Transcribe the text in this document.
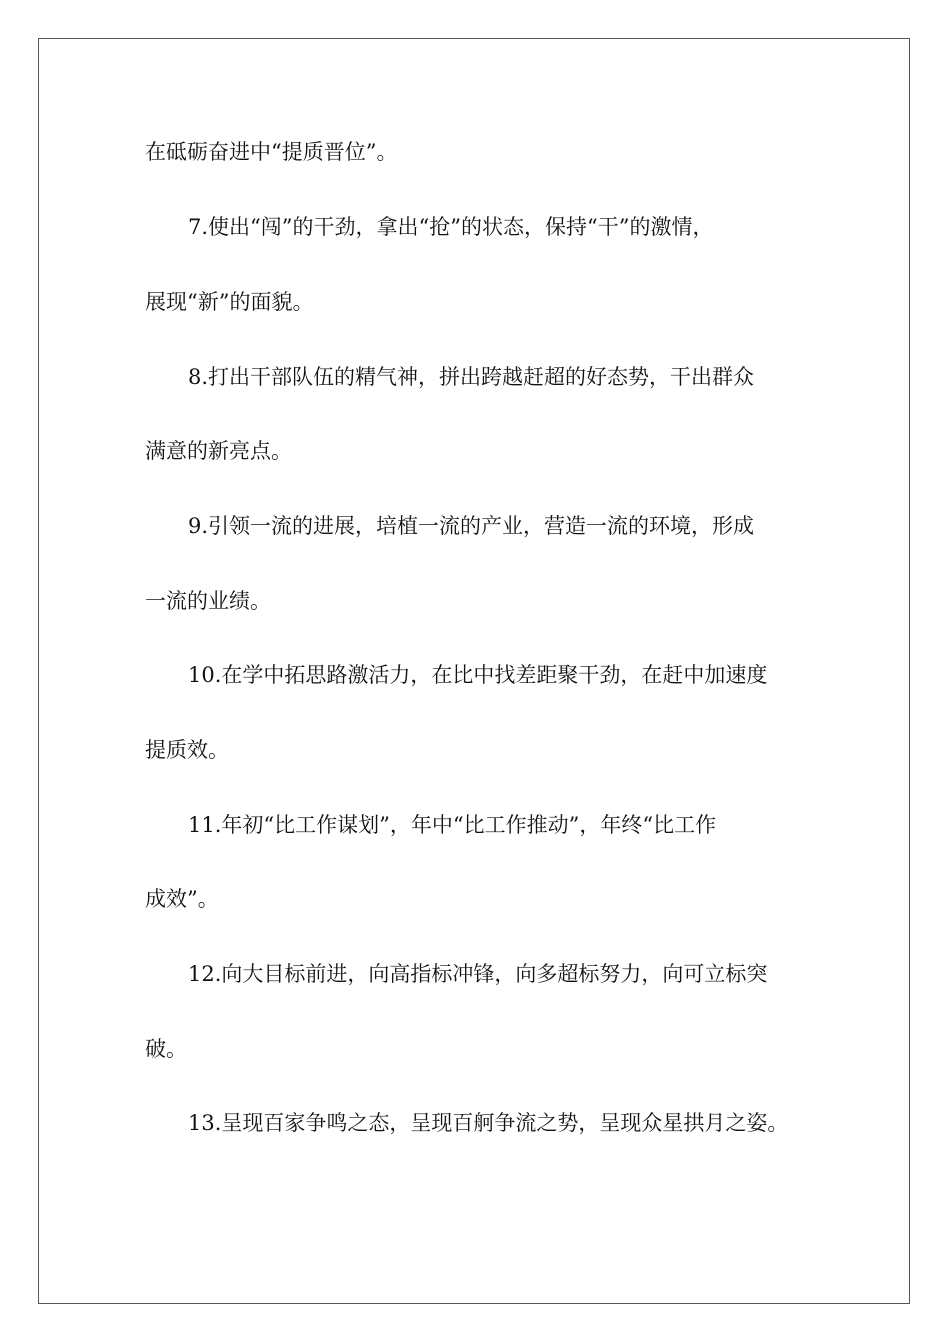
在砥砺奋进中“提质晋位”。

7.使出“闯”的干劲，拿出“抢”的状态，保持“干”的激情，

展现“新”的面貌。

8.打出干部队伍的精气神，拼出跨越赶超的好态势，干出群众

满意的新亮点。

9.引领一流的进展，培植一流的产业，营造一流的环境，形成

一流的业绩。

10.在学中拓思路激活力，在比中找差距聚干劲，在赶中加速度

提质效。

11.年初“比工作谋划”，年中“比工作推动”，年终“比工作

成效”。

12.向大目标前进，向高指标冲锋，向多超标努力，向可立标突

破。

13.呈现百家争鸣之态，呈现百舸争流之势，呈现众星拱月之姿。
